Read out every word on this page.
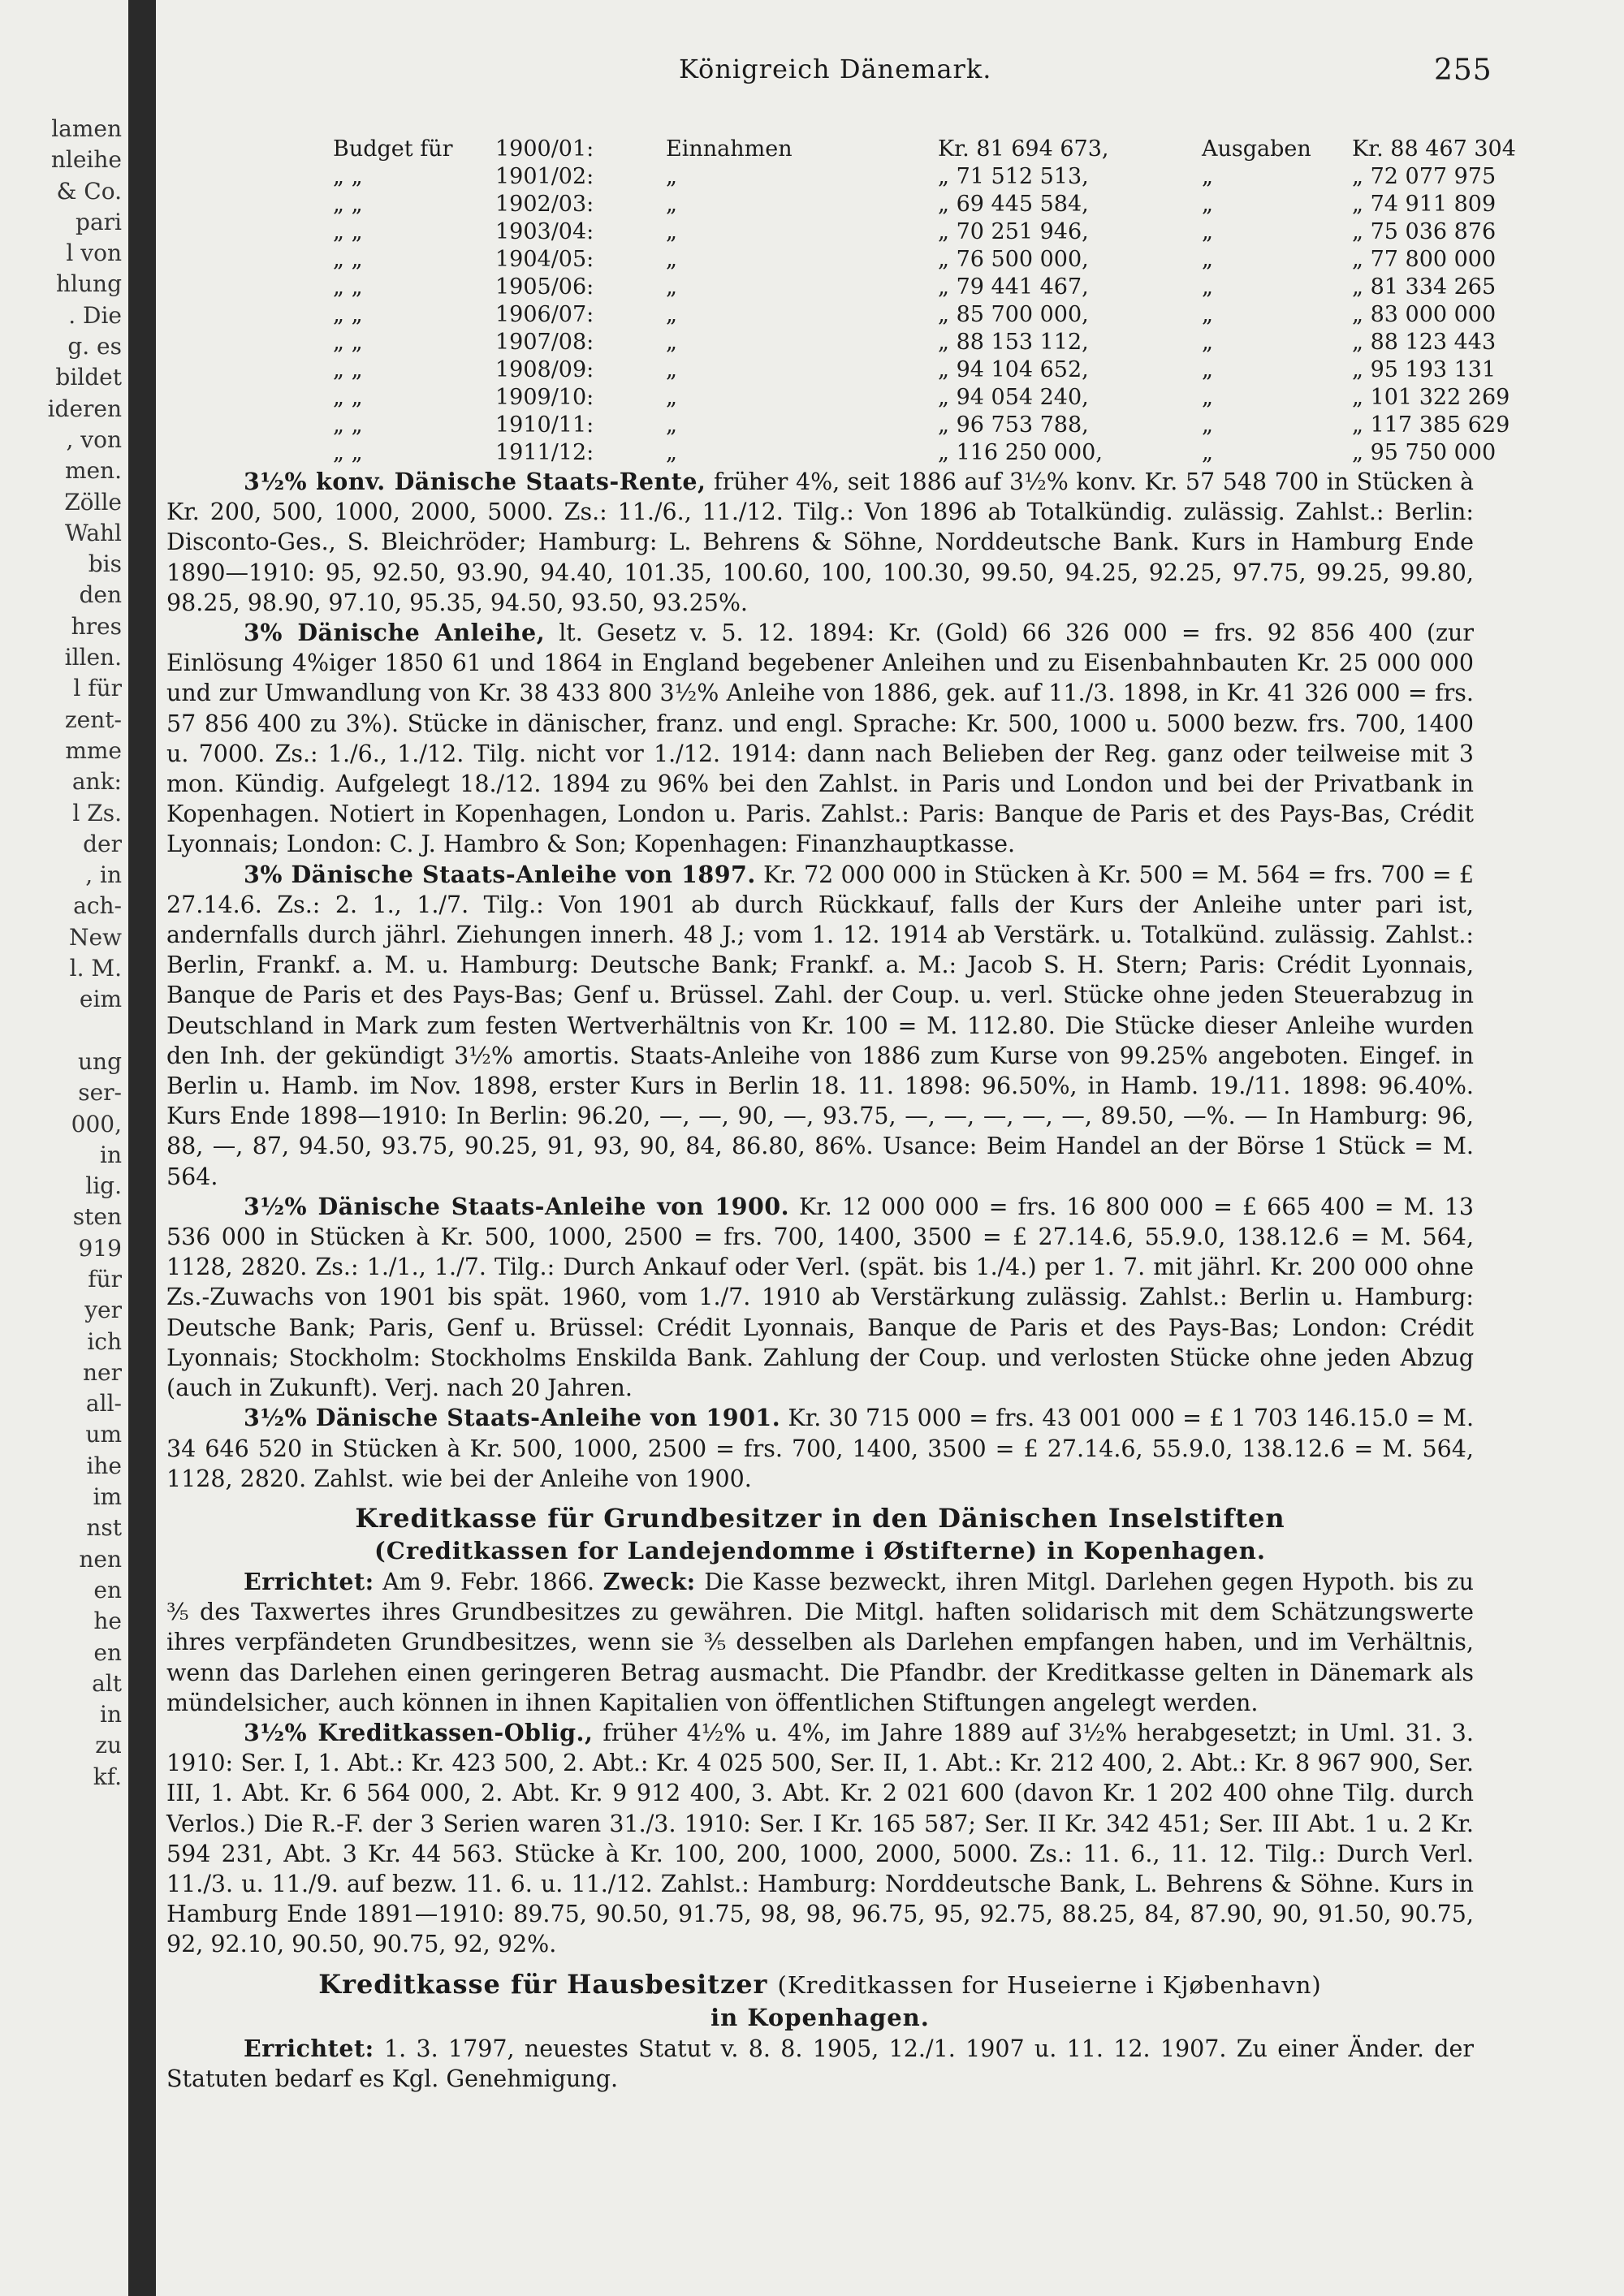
lamen
nleihe
& Co.
pari
l von
hlung
. Die
g. es
bildet
ideren
, von
men.
Zölle
Wahl
bis
den
hres
illen.
l für
zent-
mme
ank:
l Zs.
der
, in
ach-
New
l. M.
eim
ung
ser-
000,
in
lig.
sten
919
für
yer
ich
ner
all-
um
ihe
im
nst
nen
en
he
en
alt
in
zu
kf.
Königreich Dänemark.	255
Budget für 1900/01:	Einnahmen	Kr. 81 694 673,	Ausgaben Kr. 88 467 304
„ „	1901/02:	„	„ 71 512 513,	„	„ 72 077 975
„ „	1902/03:	„	„ 69 445 584,	„	„ 74 911 809
„ „	1903/04:	„	„ 70 251 946,	„	„ 75 036 876
„ „	1904/05:	„	„ 76 500 000,	„	„ 77 800 000
„ „	1905/06:	„	„ 79 441 467,	„	„ 81 334 265
„ „	1906/07:	„	„ 85 700 000,	„	„ 83 000 000
„ „	1907/08:	„	„ 88 153 112,	„	„ 88 123 443
„ „	1908/09:	„	„ 94 104 652,	„	„ 95 193 131
„ „	1909/10:	„	„ 94 054 240,	„	„ 101 322 269
„ „	1910/11:	„	„ 96 753 788,	„	„ 117 385 629
„ „	1911/12:	„	„ 116 250 000,	„	„ 95 750 000

3½% konv. Dänische Staats-Rente, früher 4%, seit 1886 auf 3½% konv. Kr. 57 548 700 in Stücken à Kr. 200, 500, 1000, 2000, 5000. Zs.: 11./6., 11./12. Tilg.: Von 1896 ab Totalkündig. zulässig. Zahlst.: Berlin: Disconto-Ges., S. Bleichröder; Hamburg: L. Behrens & Söhne, Norddeutsche Bank. Kurs in Hamburg Ende 1890—1910: 95, 92.50, 93.90, 94.40, 101.35, 100.60, 100, 100.30, 99.50, 94.25, 92.25, 97.75, 99.25, 99.80, 98.25, 98.90, 97.10, 95.35, 94.50, 93.50, 93.25%.

3% Dänische Anleihe, lt. Gesetz v. 5. 12. 1894: Kr. (Gold) 66 326 000 = frs. 92 856 400 (zur Einlösung 4%iger 1850 61 und 1864 in England begebener Anleihen und zu Eisenbahnbauten Kr. 25 000 000 und zur Umwandlung von Kr. 38 433 800 3½% Anleihe von 1886, gek. auf 11./3. 1898, in Kr. 41 326 000 = frs. 57 856 400 zu 3%). Stücke in dänischer, franz. und engl. Sprache: Kr. 500, 1000 u. 5000 bezw. frs. 700, 1400 u. 7000. Zs.: 1./6., 1./12. Tilg. nicht vor 1./12. 1914: dann nach Belieben der Reg. ganz oder teilweise mit 3 mon. Kündig. Aufgelegt 18./12. 1894 zu 96% bei den Zahlst. in Paris und London und bei der Privatbank in Kopenhagen. Notiert in Kopenhagen, London u. Paris. Zahlst.: Paris: Banque de Paris et des Pays-Bas, Crédit Lyonnais; London: C. J. Hambro & Son; Kopenhagen: Finanzhauptkasse.

3% Dänische Staats-Anleihe von 1897. Kr. 72 000 000 in Stücken à Kr. 500 = M. 564 = frs. 700 = £ 27.14.6. Zs.: 2. 1., 1./7. Tilg.: Von 1901 ab durch Rückkauf, falls der Kurs der Anleihe unter pari ist, andernfalls durch jährl. Ziehungen innerh. 48 J.; vom 1. 12. 1914 ab Verstärk. u. Totalkünd. zulässig. Zahlst.: Berlin, Frankf. a. M. u. Hamburg: Deutsche Bank; Frankf. a. M.: Jacob S. H. Stern; Paris: Crédit Lyonnais, Banque de Paris et des Pays-Bas; Genf u. Brüssel. Zahl. der Coup. u. verl. Stücke ohne jeden Steuerabzug in Deutschland in Mark zum festen Wertverhältnis von Kr. 100 = M. 112.80. Die Stücke dieser Anleihe wurden den Inh. der gekündigt 3½% amortis. Staats-Anleihe von 1886 zum Kurse von 99.25% angeboten. Eingef. in Berlin u. Hamb. im Nov. 1898, erster Kurs in Berlin 18. 11. 1898: 96.50%, in Hamb. 19./11. 1898: 96.40%. Kurs Ende 1898—1910: In Berlin: 96.20, —, —, 90, —, 93.75, —, —, —, —, —, 89.50, —%. — In Hamburg: 96, 88, —, 87, 94.50, 93.75, 90.25, 91, 93, 90, 84, 86.80, 86%. Usance: Beim Handel an der Börse 1 Stück = M. 564.

3½% Dänische Staats-Anleihe von 1900. Kr. 12 000 000 = frs. 16 800 000 = £ 665 400 = M. 13 536 000 in Stücken à Kr. 500, 1000, 2500 = frs. 700, 1400, 3500 = £ 27.14.6, 55.9.0, 138.12.6 = M. 564, 1128, 2820. Zs.: 1./1., 1./7. Tilg.: Durch Ankauf oder Verl. (spät. bis 1./4.) per 1. 7. mit jährl. Kr. 200 000 ohne Zs.-Zuwachs von 1901 bis spät. 1960, vom 1./7. 1910 ab Verstärkung zulässig. Zahlst.: Berlin u. Hamburg: Deutsche Bank; Paris, Genf u. Brüssel: Crédit Lyonnais, Banque de Paris et des Pays-Bas; London: Crédit Lyonnais; Stockholm: Stockholms Enskilda Bank. Zahlung der Coup. und verlosten Stücke ohne jeden Abzug (auch in Zukunft). Verj. nach 20 Jahren.

3½% Dänische Staats-Anleihe von 1901. Kr. 30 715 000 = frs. 43 001 000 = £ 1 703 146.15.0 = M. 34 646 520 in Stücken à Kr. 500, 1000, 2500 = frs. 700, 1400, 3500 = £ 27.14.6, 55.9.0, 138.12.6 = M. 564, 1128, 2820. Zahlst. wie bei der Anleihe von 1900.

Kreditkasse für Grundbesitzer in den Dänischen Inselstiften
(Creditkassen for Landejendomme i Østifterne) in Kopenhagen.

Errichtet: Am 9. Febr. 1866. Zweck: Die Kasse bezweckt, ihren Mitgl. Darlehen gegen Hypoth. bis zu ³⁄₅ des Taxwertes ihres Grundbesitzes zu gewähren. Die Mitgl. haften solidarisch mit dem Schätzungswerte ihres verpfändeten Grundbesitzes, wenn sie ³⁄₅ desselben als Darlehen empfangen haben, und im Verhältnis, wenn das Darlehen einen geringeren Betrag ausmacht. Die Pfandbr. der Kreditkasse gelten in Dänemark als mündelsicher, auch können in ihnen Kapitalien von öffentlichen Stiftungen angelegt werden.

3½% Kreditkassen-Oblig., früher 4½% u. 4%, im Jahre 1889 auf 3½% herabgesetzt; in Uml. 31. 3. 1910: Ser. I, 1. Abt.: Kr. 423 500, 2. Abt.: Kr. 4 025 500, Ser. II, 1. Abt.: Kr. 212 400, 2. Abt.: Kr. 8 967 900, Ser. III, 1. Abt. Kr. 6 564 000, 2. Abt. Kr. 9 912 400, 3. Abt. Kr. 2 021 600 (davon Kr. 1 202 400 ohne Tilg. durch Verlos.) Die R.-F. der 3 Serien waren 31./3. 1910: Ser. I Kr. 165 587; Ser. II Kr. 342 451; Ser. III Abt. 1 u. 2 Kr. 594 231, Abt. 3 Kr. 44 563. Stücke à Kr. 100, 200, 1000, 2000, 5000. Zs.: 11. 6., 11. 12. Tilg.: Durch Verl. 11./3. u. 11./9. auf bezw. 11. 6. u. 11./12. Zahlst.: Hamburg: Norddeutsche Bank, L. Behrens & Söhne. Kurs in Hamburg Ende 1891—1910: 89.75, 90.50, 91.75, 98, 98, 96.75, 95, 92.75, 88.25, 84, 87.90, 90, 91.50, 90.75, 92, 92.10, 90.50, 90.75, 92, 92%.

Kreditkasse für Hausbesitzer (Kreditkassen for Huseierne i Kjøbenhavn)
in Kopenhagen.

Errichtet: 1. 3. 1797, neuestes Statut v. 8. 8. 1905, 12./1. 1907 u. 11. 12. 1907. Zu einer Änder. der Statuten bedarf es Kgl. Genehmigung.
